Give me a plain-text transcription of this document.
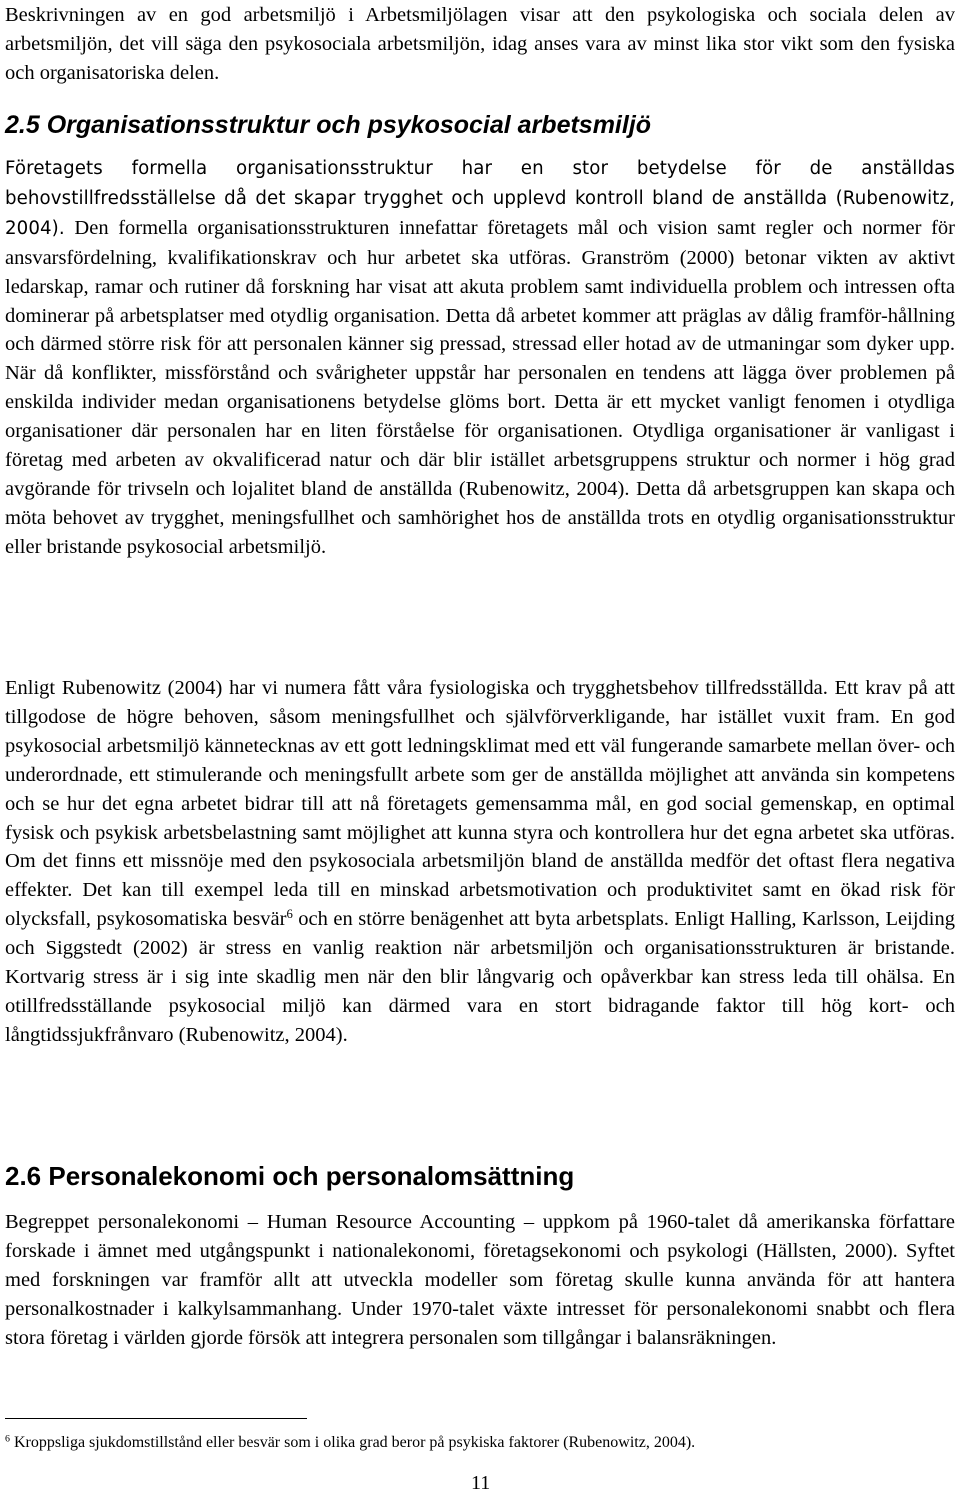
Beskrivningen av en god arbetsmiljö i Arbetsmiljölagen visar att den psykologiska och sociala delen av arbetsmiljön, det vill säga den psykosociala arbetsmiljön, idag anses vara av minst lika stor vikt som den fysiska och organisatoriska delen.

2.5 Organisationsstruktur och psykosocial arbetsmiljö

Företagets formella organisationsstruktur har en stor betydelse för de anställdas behovstillfredsställelse då det skapar trygghet och upplevd kontroll bland de anställda (Rubenowitz, 2004). Den formella organisationsstrukturen innefattar företagets mål och vision samt regler och normer för ansvarsfördelning, kvalifikationskrav och hur arbetet ska utföras. Granström (2000) betonar vikten av aktivt ledarskap, ramar och rutiner då forskning har visat att akuta problem samt individuella problem och intressen ofta dominerar på arbetsplatser med otydlig organisation. Detta då arbetet kommer att präglas av dålig framför-hållning och därmed större risk för att personalen känner sig pressad, stressad eller hotad av de utmaningar som dyker upp. När då konflikter, missförstånd och svårigheter uppstår har personalen en tendens att lägga över problemen på enskilda individer medan organisationens betydelse glöms bort. Detta är ett mycket vanligt fenomen i otydliga organisationer där personalen har en liten förståelse för organisationen. Otydliga organisationer är vanligast i företag med arbeten av okvalificerad natur och där blir istället arbetsgruppens struktur och normer i hög grad avgörande för trivseln och lojalitet bland de anställda (Rubenowitz, 2004). Detta då arbetsgruppen kan skapa och möta behovet av trygghet, meningsfullhet och samhörighet hos de anställda trots en otydlig organisationsstruktur eller bristande psykosocial arbetsmiljö.

Enligt Rubenowitz (2004) har vi numera fått våra fysiologiska och trygghetsbehov tillfredsställda. Ett krav på att tillgodose de högre behoven, såsom meningsfullhet och självförverkligande, har istället vuxit fram. En god psykosocial arbetsmiljö kännetecknas av ett gott ledningsklimat med ett väl fungerande samarbete mellan över- och underordnade, ett stimulerande och meningsfullt arbete som ger de anställda möjlighet att använda sin kompetens och se hur det egna arbetet bidrar till att nå företagets gemensamma mål, en god social gemenskap, en optimal fysisk och psykisk arbetsbelastning samt möjlighet att kunna styra och kontrollera hur det egna arbetet ska utföras. Om det finns ett missnöje med den psykosociala arbetsmiljön bland de anställda medför det oftast flera negativa effekter. Det kan till exempel leda till en minskad arbetsmotivation och produktivitet samt en ökad risk för olycksfall, psykosomatiska besvär$^6$ och en större benägenhet att byta arbetsplats. Enligt Halling, Karlsson, Leijding och Siggstedt (2002) är stress en vanlig reaktion när arbetsmiljön och organisationsstrukturen är bristande. Kortvarig stress är i sig inte skadlig men när den blir långvarig och opåverkbar kan stress leda till ohälsa. En otillfredsställande psykosocial miljö kan därmed vara en stort bidragande faktor till hög kort- och långtidssjukfrånvaro (Rubenowitz, 2004).

2.6 Personalekonomi och personalomsättning

Begreppet personalekonomi – Human Resource Accounting – uppkom på 1960-talet då amerikanska författare forskade i ämnet med utgångspunkt i nationalekonomi, företagsekonomi och psykologi (Hällsten, 2000). Syftet med forskningen var framför allt att utveckla modeller som företag skulle kunna använda för att hantera personalkostnader i kalkylsammanhang. Under 1970-talet växte intresset för personalekonomi snabbt och flera stora företag i världen gjorde försök att integrera personalen som tillgångar i balansräkningen.

$^6$ Kroppsliga sjukdomstillstånd eller besvär som i olika grad beror på psykiska faktorer (Rubenowitz, 2004).
11
